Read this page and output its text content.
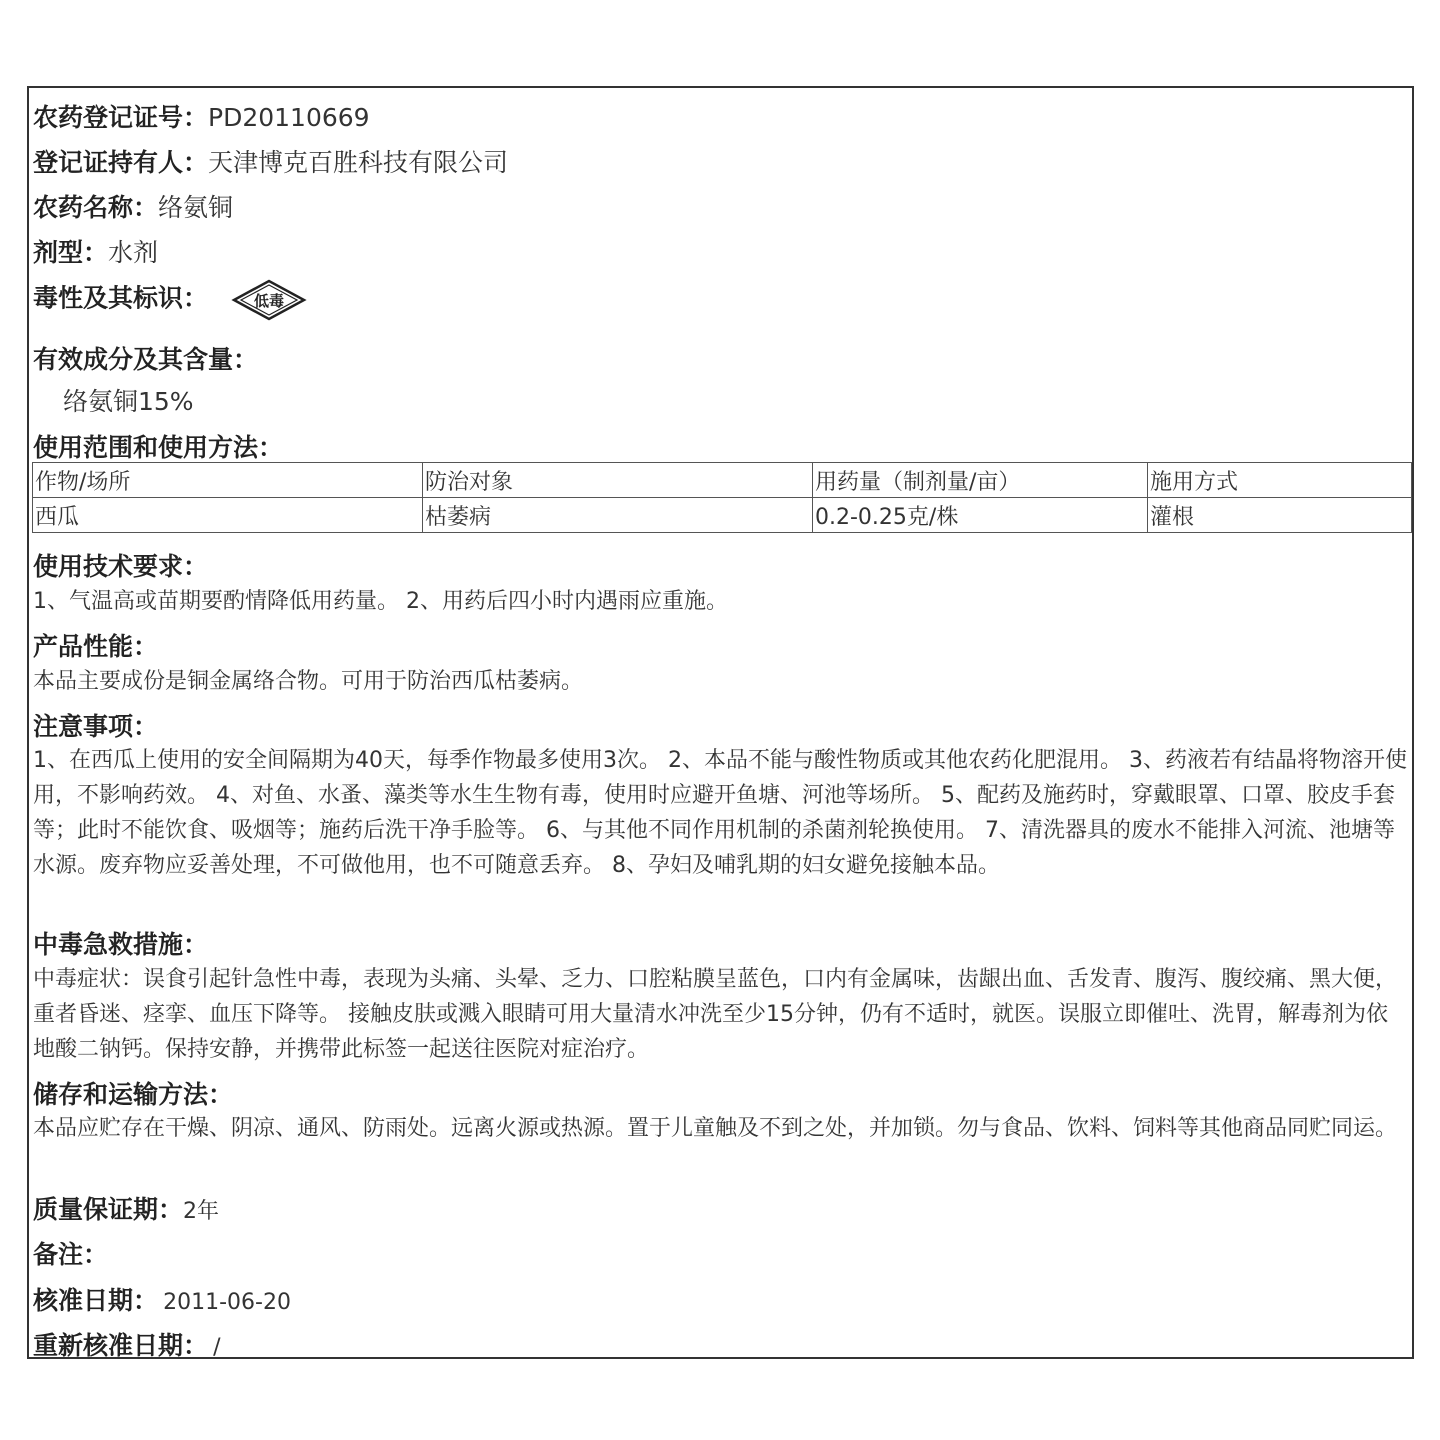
农药登记证号：PD20110669
登记证持有人：天津博克百胜科技有限公司
农药名称：络氨铜
剂型：水剂
毒性及其标识：	低毒
有效成分及其含量：
络氨铜15%
使用范围和使用方法：
作物/场所	防治对象	用药量（制剂量/亩）	施用方式
西瓜	枯萎病	0.2-0.25克/株	灌根
使用技术要求：
1、气温高或苗期要酌情降低用药量。 2、用药后四小时内遇雨应重施。
产品性能：
本品主要成份是铜金属络合物。可用于防治西瓜枯萎病。
注意事项：
1、在西瓜上使用的安全间隔期为40天，每季作物最多使用3次。 2、本品不能与酸性物质或其他农药化肥混用。 3、药液若有结晶将物溶开使用，不影响药效。 4、对鱼、水蚤、藻类等水生生物有毒，使用时应避开鱼塘、河池等场所。 5、配药及施药时，穿戴眼罩、口罩、胶皮手套等；此时不能饮食、吸烟等；施药后洗干净手脸等。 6、与其他不同作用机制的杀菌剂轮换使用。 7、清洗器具的废水不能排入河流、池塘等水源。废弃物应妥善处理，不可做他用，也不可随意丢弃。 8、孕妇及哺乳期的妇女避免接触本品。
中毒急救措施：
中毒症状：误食引起针急性中毒，表现为头痛、头晕、乏力、口腔粘膜呈蓝色，口内有金属味，齿龈出血、舌发青、腹泻、腹绞痛、黑大便，重者昏迷、痉挛、血压下降等。 接触皮肤或溅入眼睛可用大量清水冲洗至少15分钟，仍有不适时，就医。误服立即催吐、洗胃，解毒剂为依地酸二钠钙。保持安静，并携带此标签一起送往医院对症治疗。
储存和运输方法：
本品应贮存在干燥、阴凉、通风、防雨处。远离火源或热源。置于儿童触及不到之处，并加锁。勿与食品、饮料、饲料等其他商品同贮同运。
质量保证期：2年
备注：
核准日期： 2011-06-20
重新核准日期： /
